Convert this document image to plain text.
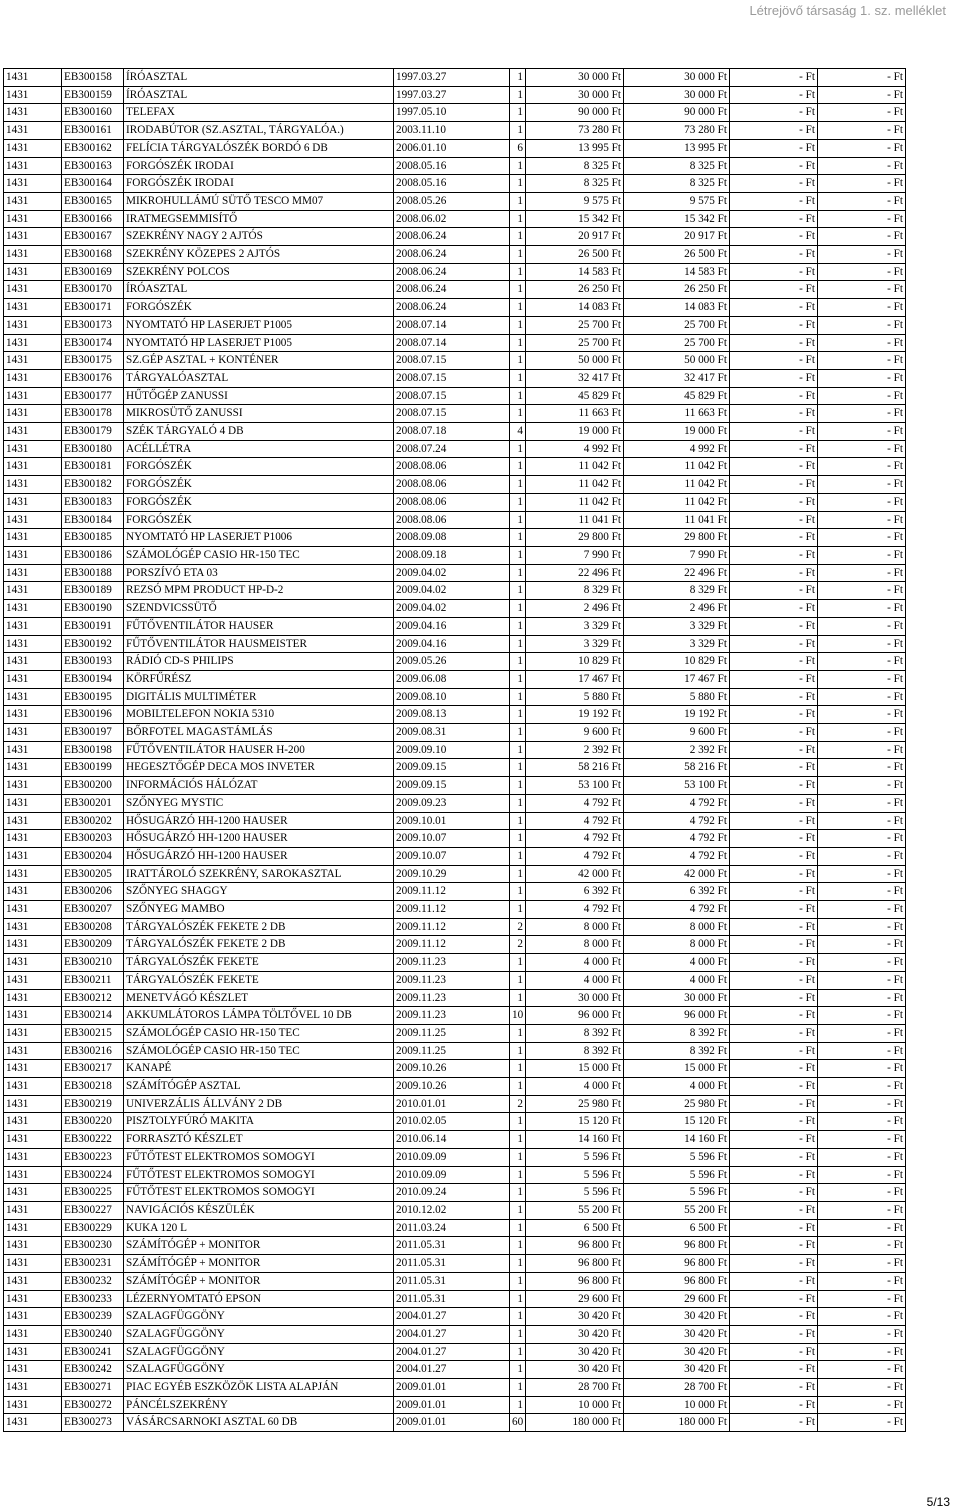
Létrejövő társaság 1. sz. melléklet
1431	EB300158	ÍRÓASZTAL	1997.03.27	1	30 000 Ft	30 000 Ft	- Ft	- Ft
1431	EB300159	ÍRÓASZTAL	1997.03.27	1	30 000 Ft	30 000 Ft	- Ft	- Ft
1431	EB300160	TELEFAX	1997.05.10	1	90 000 Ft	90 000 Ft	- Ft	- Ft
1431	EB300161	IRODABÚTOR (SZ.ASZTAL, TÁRGYALÓA.)	2003.11.10	1	73 280 Ft	73 280 Ft	- Ft	- Ft
1431	EB300162	FELÍCIA TÁRGYALÓSZÉK BORDÓ 6 DB	2006.01.10	6	13 995 Ft	13 995 Ft	- Ft	- Ft
1431	EB300163	FORGÓSZÉK IRODAI	2008.05.16	1	8 325 Ft	8 325 Ft	- Ft	- Ft
1431	EB300164	FORGÓSZÉK IRODAI	2008.05.16	1	8 325 Ft	8 325 Ft	- Ft	- Ft
1431	EB300165	MIKROHULLÁMÚ SÜTŐ TESCO MM07	2008.05.26	1	9 575 Ft	9 575 Ft	- Ft	- Ft
1431	EB300166	IRATMEGSEMMISÍTŐ	2008.06.02	1	15 342 Ft	15 342 Ft	- Ft	- Ft
1431	EB300167	SZEKRÉNY NAGY 2 AJTÓS	2008.06.24	1	20 917 Ft	20 917 Ft	- Ft	- Ft
1431	EB300168	SZEKRÉNY KÖZEPES 2 AJTÓS	2008.06.24	1	26 500 Ft	26 500 Ft	- Ft	- Ft
1431	EB300169	SZEKRÉNY POLCOS	2008.06.24	1	14 583 Ft	14 583 Ft	- Ft	- Ft
1431	EB300170	ÍRÓASZTAL	2008.06.24	1	26 250 Ft	26 250 Ft	- Ft	- Ft
1431	EB300171	FORGÓSZÉK	2008.06.24	1	14 083 Ft	14 083 Ft	- Ft	- Ft
1431	EB300173	NYOMTATÓ HP LASERJET P1005	2008.07.14	1	25 700 Ft	25 700 Ft	- Ft	- Ft
1431	EB300174	NYOMTATÓ HP LASERJET P1005	2008.07.14	1	25 700 Ft	25 700 Ft	- Ft	- Ft
1431	EB300175	SZ.GÉP ASZTAL + KONTÉNER	2008.07.15	1	50 000 Ft	50 000 Ft	- Ft	- Ft
1431	EB300176	TÁRGYALÓASZTAL	2008.07.15	1	32 417 Ft	32 417 Ft	- Ft	- Ft
1431	EB300177	HŰTŐGÉP ZANUSSI	2008.07.15	1	45 829 Ft	45 829 Ft	- Ft	- Ft
1431	EB300178	MIKROSÜTŐ ZANUSSI	2008.07.15	1	11 663 Ft	11 663 Ft	- Ft	- Ft
1431	EB300179	SZÉK TÁRGYALÓ 4 DB	2008.07.18	4	19 000 Ft	19 000 Ft	- Ft	- Ft
1431	EB300180	ACÉLLÉTRA	2008.07.24	1	4 992 Ft	4 992 Ft	- Ft	- Ft
1431	EB300181	FORGÓSZÉK	2008.08.06	1	11 042 Ft	11 042 Ft	- Ft	- Ft
1431	EB300182	FORGÓSZÉK	2008.08.06	1	11 042 Ft	11 042 Ft	- Ft	- Ft
1431	EB300183	FORGÓSZÉK	2008.08.06	1	11 042 Ft	11 042 Ft	- Ft	- Ft
1431	EB300184	FORGÓSZÉK	2008.08.06	1	11 041 Ft	11 041 Ft	- Ft	- Ft
1431	EB300185	NYOMTATÓ HP LASERJET P1006	2008.09.08	1	29 800 Ft	29 800 Ft	- Ft	- Ft
1431	EB300186	SZÁMOLÓGÉP CASIO HR-150 TEC	2008.09.18	1	7 990 Ft	7 990 Ft	- Ft	- Ft
1431	EB300188	PORSZÍVÓ ETA 03	2009.04.02	1	22 496 Ft	22 496 Ft	- Ft	- Ft
1431	EB300189	REZSÓ MPM PRODUCT HP-D-2	2009.04.02	1	8 329 Ft	8 329 Ft	- Ft	- Ft
1431	EB300190	SZENDVICSSÜTŐ	2009.04.02	1	2 496 Ft	2 496 Ft	- Ft	- Ft
1431	EB300191	FŰTŐVENTILÁTOR HAUSER	2009.04.16	1	3 329 Ft	3 329 Ft	- Ft	- Ft
1431	EB300192	FŰTŐVENTILÁTOR HAUSMEISTER	2009.04.16	1	3 329 Ft	3 329 Ft	- Ft	- Ft
1431	EB300193	RÁDIÓ CD-S PHILIPS	2009.05.26	1	10 829 Ft	10 829 Ft	- Ft	- Ft
1431	EB300194	KÖRFŰRÉSZ	2009.06.08	1	17 467 Ft	17 467 Ft	- Ft	- Ft
1431	EB300195	DIGITÁLIS MULTIMÉTER	2009.08.10	1	5 880 Ft	5 880 Ft	- Ft	- Ft
1431	EB300196	MOBILTELEFON NOKIA 5310	2009.08.13	1	19 192 Ft	19 192 Ft	- Ft	- Ft
1431	EB300197	BŐRFOTEL MAGASTÁMLÁS	2009.08.31	1	9 600 Ft	9 600 Ft	- Ft	- Ft
1431	EB300198	FŰTŐVENTILÁTOR HAUSER H-200	2009.09.10	1	2 392 Ft	2 392 Ft	- Ft	- Ft
1431	EB300199	HEGESZTŐGÉP DECA MOS INVETER	2009.09.15	1	58 216 Ft	58 216 Ft	- Ft	- Ft
1431	EB300200	INFORMÁCIÓS HÁLÓZAT	2009.09.15	1	53 100 Ft	53 100 Ft	- Ft	- Ft
1431	EB300201	SZŐNYEG MYSTIC	2009.09.23	1	4 792 Ft	4 792 Ft	- Ft	- Ft
1431	EB300202	HŐSUGÁRZÓ HH-1200 HAUSER	2009.10.01	1	4 792 Ft	4 792 Ft	- Ft	- Ft
1431	EB300203	HŐSUGÁRZÓ HH-1200 HAUSER	2009.10.07	1	4 792 Ft	4 792 Ft	- Ft	- Ft
1431	EB300204	HŐSUGÁRZÓ HH-1200 HAUSER	2009.10.07	1	4 792 Ft	4 792 Ft	- Ft	- Ft
1431	EB300205	IRATTÁROLÓ SZEKRÉNY, SAROKASZTAL	2009.10.29	1	42 000 Ft	42 000 Ft	- Ft	- Ft
1431	EB300206	SZŐNYEG SHAGGY	2009.11.12	1	6 392 Ft	6 392 Ft	- Ft	- Ft
1431	EB300207	SZŐNYEG MAMBO	2009.11.12	1	4 792 Ft	4 792 Ft	- Ft	- Ft
1431	EB300208	TÁRGYALÓSZÉK FEKETE 2 DB	2009.11.12	2	8 000 Ft	8 000 Ft	- Ft	- Ft
1431	EB300209	TÁRGYALÓSZÉK FEKETE 2 DB	2009.11.12	2	8 000 Ft	8 000 Ft	- Ft	- Ft
1431	EB300210	TÁRGYALÓSZÉK FEKETE	2009.11.23	1	4 000 Ft	4 000 Ft	- Ft	- Ft
1431	EB300211	TÁRGYALÓSZÉK FEKETE	2009.11.23	1	4 000 Ft	4 000 Ft	- Ft	- Ft
1431	EB300212	MENETVÁGÓ KÉSZLET	2009.11.23	1	30 000 Ft	30 000 Ft	- Ft	- Ft
1431	EB300214	AKKUMLÁTOROS LÁMPA TÖLTŐVEL 10 DB	2009.11.23	10	96 000 Ft	96 000 Ft	- Ft	- Ft
1431	EB300215	SZÁMOLÓGÉP CASIO HR-150 TEC	2009.11.25	1	8 392 Ft	8 392 Ft	- Ft	- Ft
1431	EB300216	SZÁMOLÓGÉP CASIO HR-150 TEC	2009.11.25	1	8 392 Ft	8 392 Ft	- Ft	- Ft
1431	EB300217	KANAPÉ	2009.10.26	1	15 000 Ft	15 000 Ft	- Ft	- Ft
1431	EB300218	SZÁMÍTÓGÉP ASZTAL	2009.10.26	1	4 000 Ft	4 000 Ft	- Ft	- Ft
1431	EB300219	UNIVERZÁLIS ÁLLVÁNY 2 DB	2010.01.01	2	25 980 Ft	25 980 Ft	- Ft	- Ft
1431	EB300220	PISZTOLYFÚRÓ MAKITA	2010.02.05	1	15 120 Ft	15 120 Ft	- Ft	- Ft
1431	EB300222	FORRASZTÓ KÉSZLET	2010.06.14	1	14 160 Ft	14 160 Ft	- Ft	- Ft
1431	EB300223	FŰTŐTEST ELEKTROMOS SOMOGYI	2010.09.09	1	5 596 Ft	5 596 Ft	- Ft	- Ft
1431	EB300224	FŰTŐTEST ELEKTROMOS SOMOGYI	2010.09.09	1	5 596 Ft	5 596 Ft	- Ft	- Ft
1431	EB300225	FŰTŐTEST ELEKTROMOS SOMOGYI	2010.09.24	1	5 596 Ft	5 596 Ft	- Ft	- Ft
1431	EB300227	NAVIGÁCIÓS KÉSZÜLÉK	2010.12.02	1	55 200 Ft	55 200 Ft	- Ft	- Ft
1431	EB300229	KUKA 120 L	2011.03.24	1	6 500 Ft	6 500 Ft	- Ft	- Ft
1431	EB300230	SZÁMÍTÓGÉP + MONITOR	2011.05.31	1	96 800 Ft	96 800 Ft	- Ft	- Ft
1431	EB300231	SZÁMÍTÓGÉP + MONITOR	2011.05.31	1	96 800 Ft	96 800 Ft	- Ft	- Ft
1431	EB300232	SZÁMÍTÓGÉP + MONITOR	2011.05.31	1	96 800 Ft	96 800 Ft	- Ft	- Ft
1431	EB300233	LÉZERNYOMTATÓ EPSON	2011.05.31	1	29 600 Ft	29 600 Ft	- Ft	- Ft
1431	EB300239	SZALAGFÜGGÖNY	2004.01.27	1	30 420 Ft	30 420 Ft	- Ft	- Ft
1431	EB300240	SZALAGFÜGGÖNY	2004.01.27	1	30 420 Ft	30 420 Ft	- Ft	- Ft
1431	EB300241	SZALAGFÜGGÖNY	2004.01.27	1	30 420 Ft	30 420 Ft	- Ft	- Ft
1431	EB300242	SZALAGFÜGGÖNY	2004.01.27	1	30 420 Ft	30 420 Ft	- Ft	- Ft
1431	EB300271	PIAC EGYÉB ESZKÖZÖK LISTA ALAPJÁN	2009.01.01	1	28 700 Ft	28 700 Ft	- Ft	- Ft
1431	EB300272	PÁNCÉLSZEKRÉNY	2009.01.01	1	10 000 Ft	10 000 Ft	- Ft	- Ft
1431	EB300273	VÁSÁRCSARNOKI ASZTAL 60 DB	2009.01.01	60	180 000 Ft	180 000 Ft	- Ft	- Ft
5/13
